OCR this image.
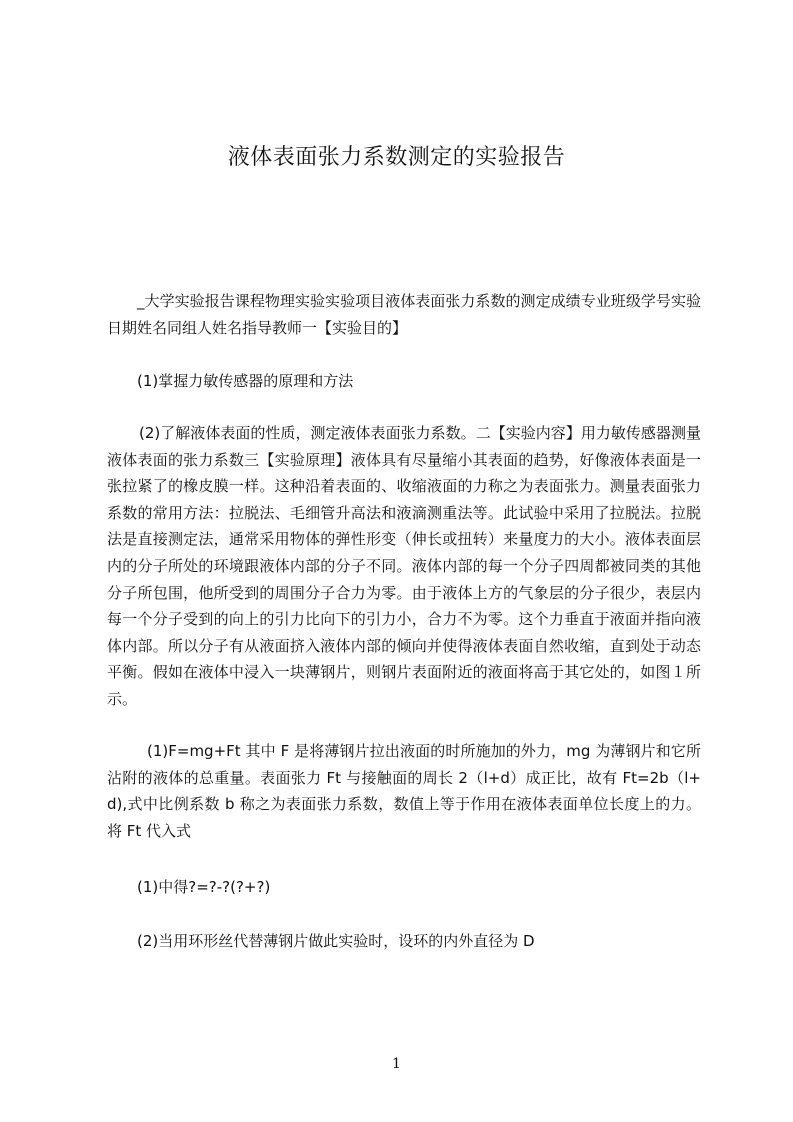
液体表面张力系数测定的实验报告

_大学实验报告课程物理实验实验项目液体表面张力系数的测定成绩专业班级学号实验日期姓名同组人姓名指导教师一【实验目的】

(1)掌握力敏传感器的原理和方法

(2)了解液体表面的性质，测定液体表面张力系数。二【实验内容】用力敏传感器测量液体表面的张力系数三【实验原理】液体具有尽量缩小其表面的趋势，好像液体表面是一张拉紧了的橡皮膜一样。这种沿着表面的、收缩液面的力称之为表面张力。测量表面张力系数的常用方法：拉脱法、毛细管升高法和液滴测重法等。此试验中采用了拉脱法。拉脱法是直接测定法，通常采用物体的弹性形变（伸长或扭转）来量度力的大小。液体表面层内的分子所处的环境跟液体内部的分子不同。液体内部的每一个分子四周都被同类的其他分子所包围，他所受到的周围分子合力为零。由于液体上方的气象层的分子很少，表层内每一个分子受到的向上的引力比向下的引力小，合力不为零。这个力垂直于液面并指向液体内部。所以分子有从液面挤入液体内部的倾向并使得液体表面自然收缩，直到处于动态平衡。假如在液体中浸入一块薄钢片，则钢片表面附近的液面将高于其它处的，如图１所示。

(1)F=mg+Ft 其中 F 是将薄钢片拉出液面的时所施加的外力，mg 为薄钢片和它所沾附的液体的总重量。表面张力 Ft 与接触面的周长 2（l+d）成正比，故有 Ft=2b（l+d),式中比例系数 b 称之为表面张力系数，数值上等于作用在液体表面单位长度上的力。将 Ft 代入式

(1)中得?=?-?(?+?)

(2)当用环形丝代替薄钢片做此实验时，设环的内外直径为 D

1
